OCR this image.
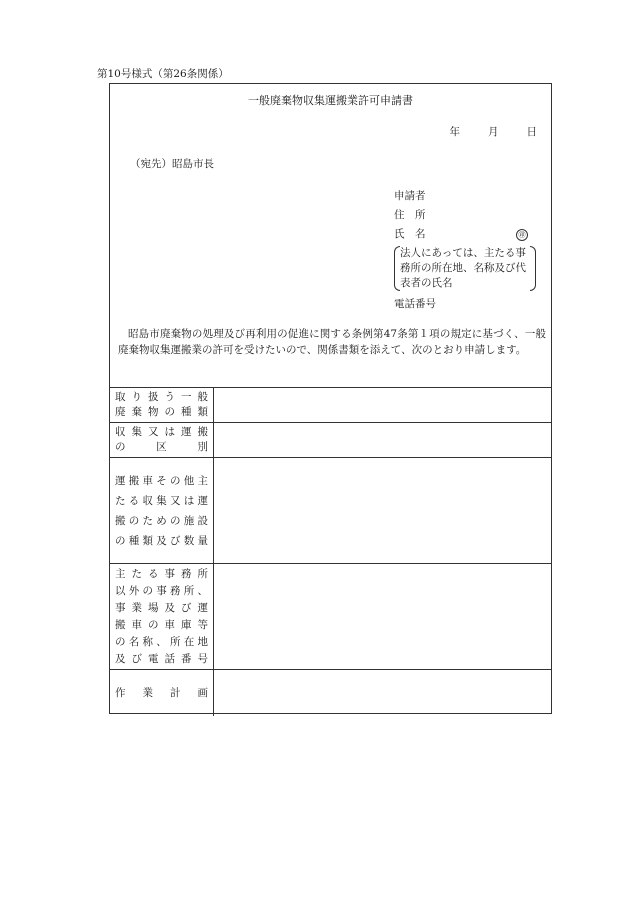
第10号様式（第26条関係）
一般廃棄物収集運搬業許可申請書
年	月	日
（宛先）昭島市長
申請者
住　所
氏　名	㊞
法人にあっては、主たる事
務所の所在地、名称及び代
表者の氏名
電話番号
昭島市廃棄物の処理及び再利用の促進に関する条例第47条第１項の規定に基づく、一般廃棄物収集運搬業の許可を受けたいので、関係書類を添えて、次のとおり申請します。
取り扱う一般
廃棄物の種類
収集又は運搬
の　区　別
運搬車その他主
たる収集又は運
搬のための施設
の種類及び数量
主たる事務所
以外の事務所、
事業場及び運
搬車の車庫等
の名称、所在地
及び電話番号
作　業　計　画
